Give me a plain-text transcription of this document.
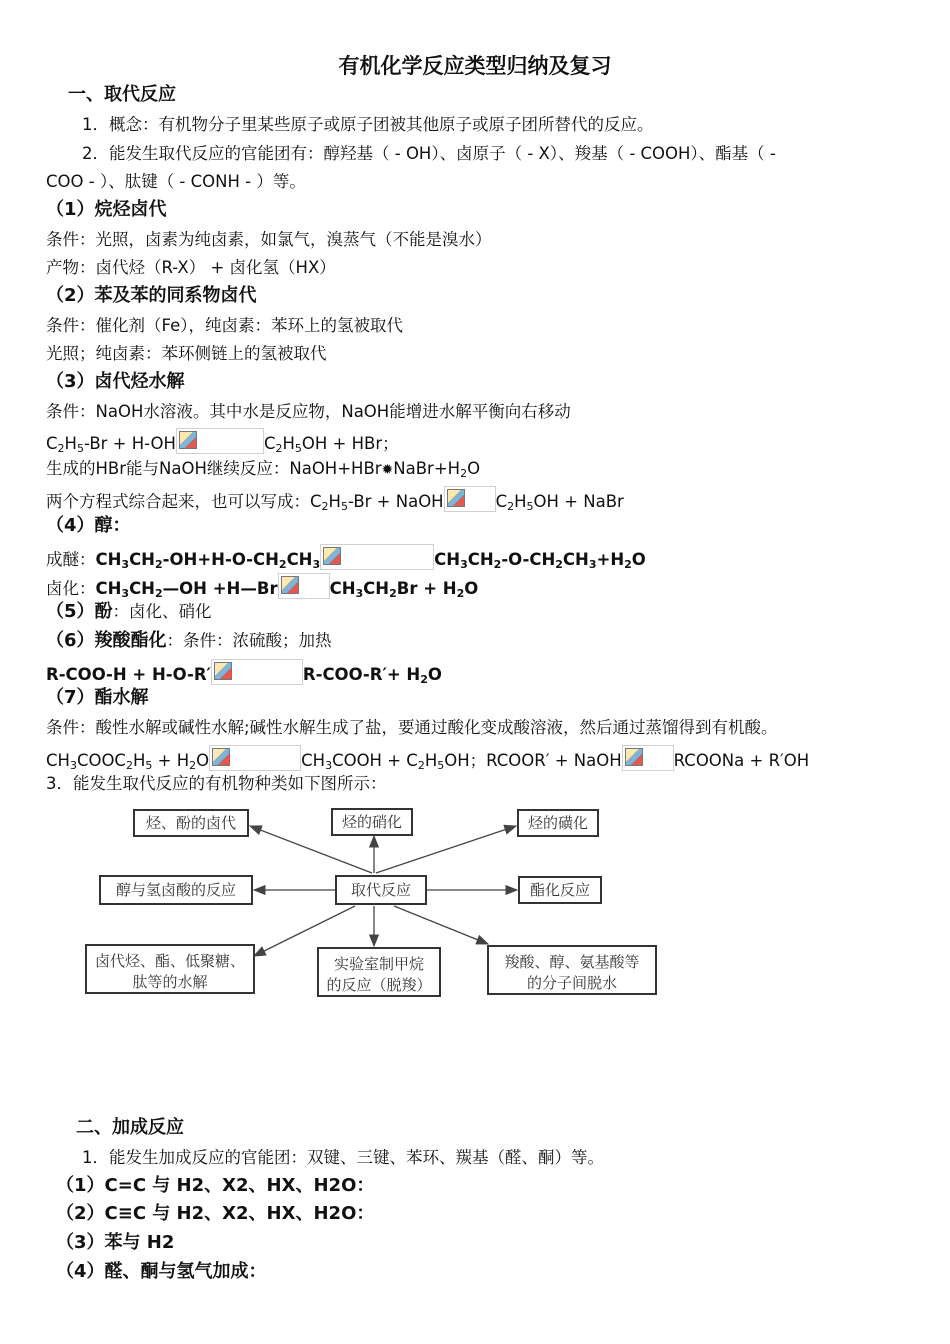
有机化学反应类型归纳及复习
一、取代反应
1．概念：有机物分子里某些原子或原子团被其他原子或原子团所替代的反应。
2．能发生取代反应的官能团有：醇羟基（ - OH）、卤原子（ - X）、羧基（ - COOH）、酯基（ -
COO - ）、肽键（ - CONH - ）等。
（1）烷烃卤代
条件：光照，卤素为纯卤素，如氯气，溴蒸气（不能是溴水）
产物：卤代烃（R-X） + 卤化氢（HX）
（2）苯及苯的同系物卤代
条件：催化剂（Fe），纯卤素：苯环上的氢被取代
光照；纯卤素：苯环侧链上的氢被取代
（3）卤代烃水解
条件：NaOH水溶液。其中水是反应物，NaOH能增进水解平衡向右移动
$C_2H_5-Br + H-OH$	$C_2H_5OH$ + HBr；
生成的HBr能与NaOH继续反应：$NaOH+HBr✹NaBr+H_2O$
两个方程式综合起来，也可以写成：$C_2H_5-Br$ + NaOH	$C_2H_5OH$ + NaBr
（4）醇：
成醚：$CH_3CH_2-OH+H-O-CH_2CH_3$	$CH_3CH_2-O-CH_2CH_3+H_2O$
卤化：$CH_3CH_2—OH$ +H—Br	$CH_3CH_2Br + H_2O$
（5）酚：卤化、硝化
（6）羧酸酯化：条件：浓硫酸；加热
R-COO-H + H-O-R′	$R-COO-R'+ H_2O$
（7）酯水解
条件：酸性水解或碱性水解;碱性水解生成了盐，要通过酸化变成酸溶液，然后通过蒸馏得到有机酸。
$CH_3COOC_2H_5 + H_2O$	$CH_3COOH + C_2H_5OH$；RCOOR′ + NaOH	RCOONa + R′OH
3．能发生取代反应的有机物种类如下图所示：
烃、酚的卤代	烃的硝化	烃的磺化
取代反应
醇与氢卤酸的反应	酯化反应
卤代烃、酯、低聚糖、
肽等的水解
实验室制甲烷
的反应（脱羧）
羧酸、醇、氨基酸等
的分子间脱水
二、加成反应
1．能发生加成反应的官能团：双键、三键、苯环、羰基（醛、酮）等。
（1）C=C 与 H2、X2、HX、H2O：
（2）C≡C 与 H2、X2、HX、H2O：
（3）苯与 H2
（4）醛、酮与氢气加成：
